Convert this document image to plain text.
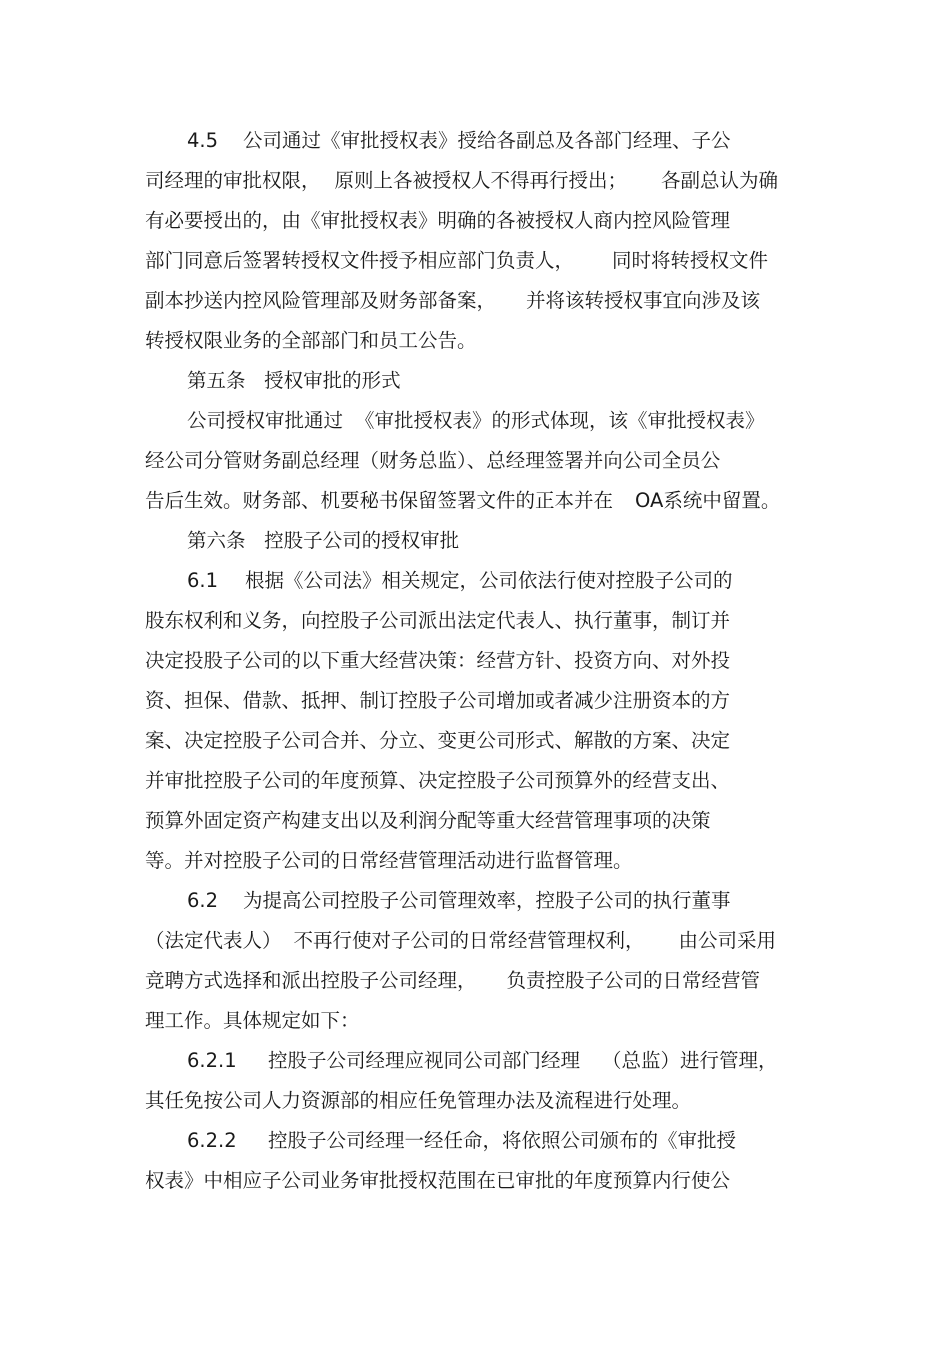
4.5 公司通过《审批授权表》授给各副总及各部门经理、子公
司经理的审批权限， 原则上各被授权人不得再行授出； 各副总认为确
有必要授出的，由《审批授权表》明确的各被授权人商内控风险管理
部门同意后签署转授权文件授予相应部门负责人， 同时将转授权文件
副本抄送内控风险管理部及财务部备案， 并将该转授权事宜向涉及该
转授权限业务的全部部门和员工公告。
第五条   授权审批的形式
公司授权审批通过 《审批授权表》的形式体现，该《审批授权表》
经公司分管财务副总经理（财务总监）、总经理签署并向公司全员公
告后生效。财务部、机要秘书保留签署文件的正本并在 OA系统中留置。
第六条   控股子公司的授权审批
6.1 根据《公司法》相关规定，公司依法行使对控股子公司的
股东权利和义务，向控股子公司派出法定代表人、执行董事，制订并
决定投股子公司的以下重大经营决策：经营方针、投资方向、对外投
资、担保、借款、抵押、制订控股子公司增加或者减少注册资本的方
案、决定控股子公司合并、分立、变更公司形式、解散的方案、决定
并审批控股子公司的年度预算、决定控股子公司预算外的经营支出、
预算外固定资产构建支出以及利润分配等重大经营管理事项的决策
等。并对控股子公司的日常经营管理活动进行监督管理。
6.2 为提高公司控股子公司管理效率，控股子公司的执行董事
（法定代表人） 不再行使对子公司的日常经营管理权利， 由公司采用
竞聘方式选择和派出控股子公司经理， 负责控股子公司的日常经营管
理工作。具体规定如下：
6.2.1 控股子公司经理应视同公司部门经理 （总监）进行管理，
其任免按公司人力资源部的相应任免管理办法及流程进行处理。
6.2.2 控股子公司经理一经任命，将依照公司颁布的《审批授
权表》中相应子公司业务审批授权范围在已审批的年度预算内行使公
